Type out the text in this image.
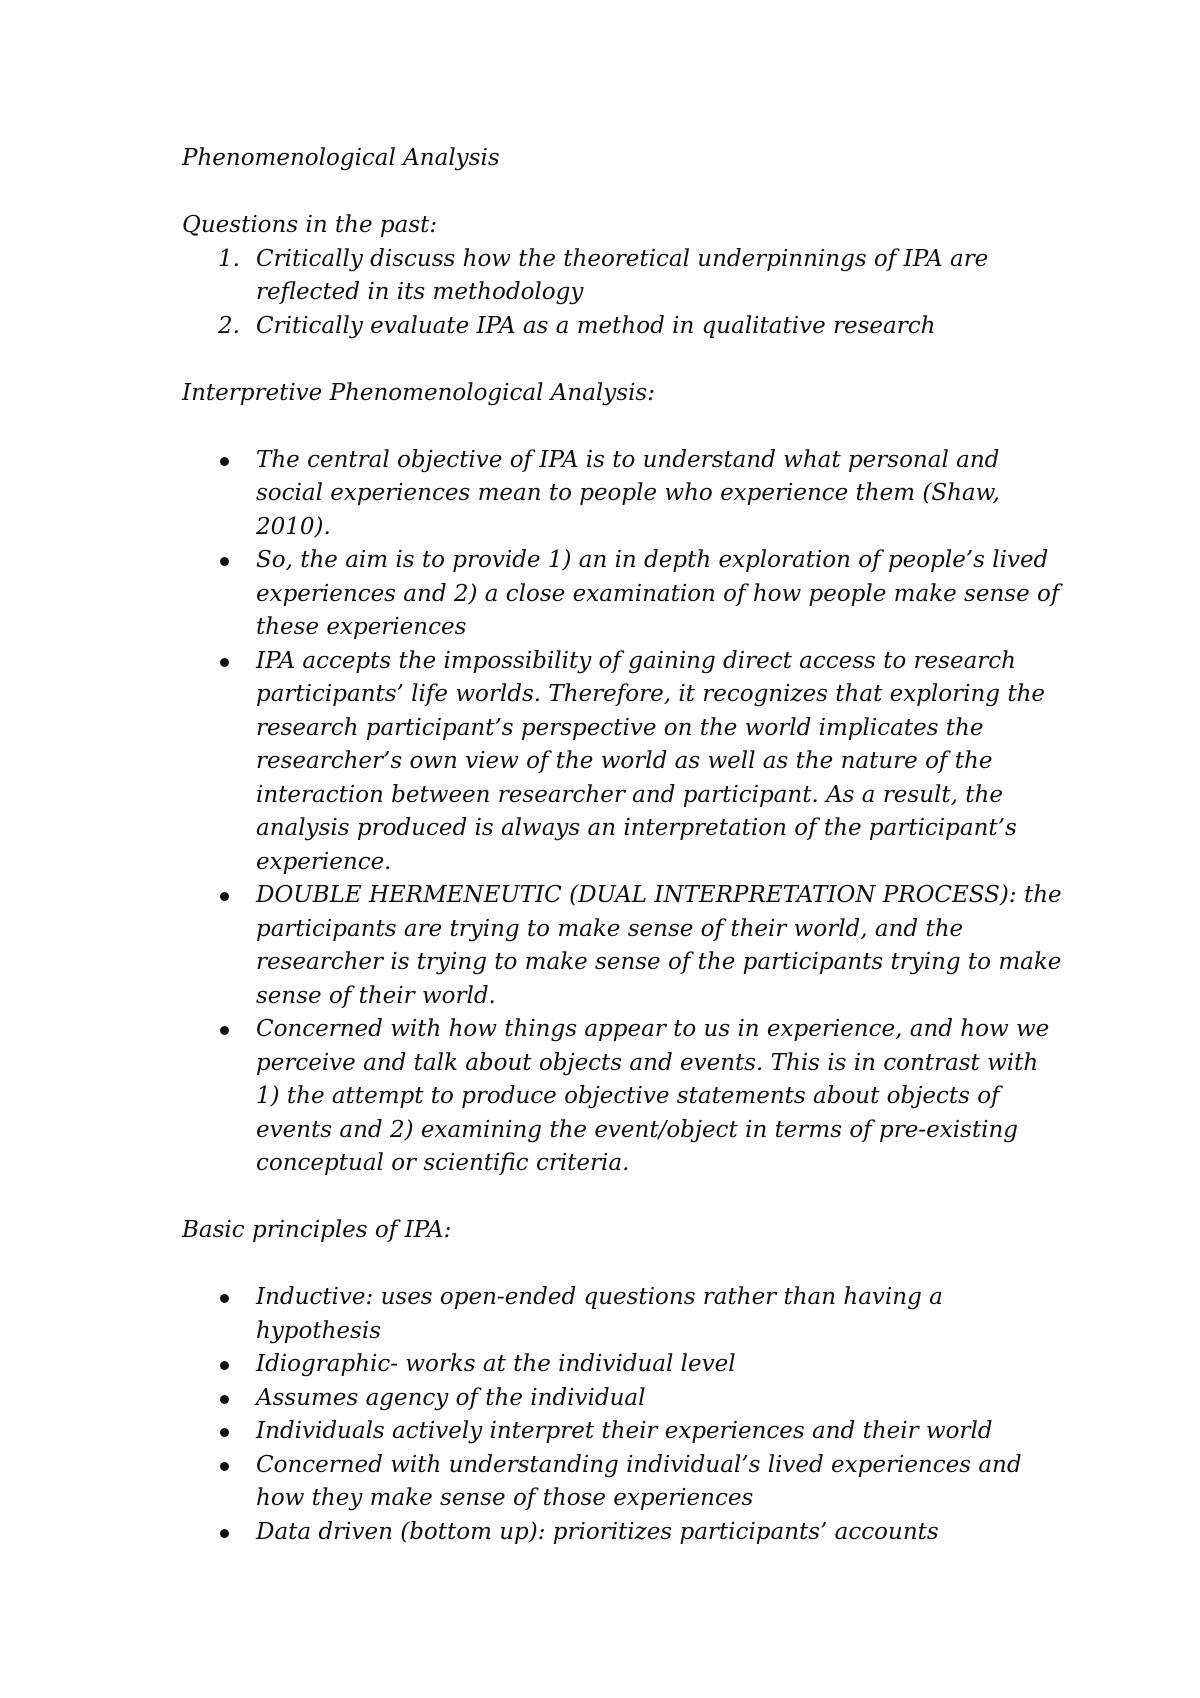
Phenomenological Analysis

Questions in the past:

1. Critically discuss how the theoretical underpinnings of IPA are reflected in its methodology
2. Critically evaluate IPA as a method in qualitative research

Interpretive Phenomenological Analysis:

The central objective of IPA is to understand what personal and social experiences mean to people who experience them (Shaw, 2010).
So, the aim is to provide 1) an in depth exploration of people’s lived experiences and 2) a close examination of how people make sense of these experiences
IPA accepts the impossibility of gaining direct access to research participants’ life worlds. Therefore, it recognizes that exploring the research participant’s perspective on the world implicates the researcher’s own view of the world as well as the nature of the interaction between researcher and participant. As a result, the analysis produced is always an interpretation of the participant’s experience.
DOUBLE HERMENEUTIC (DUAL INTERPRETATION PROCESS): the participants are trying to make sense of their world, and the researcher is trying to make sense of the participants trying to make sense of their world.
Concerned with how things appear to us in experience, and how we perceive and talk about objects and events. This is in contrast with 1) the attempt to produce objective statements about objects of events and 2) examining the event/object in terms of pre-existing conceptual or scientific criteria.

Basic principles of IPA:

Inductive: uses open-ended questions rather than having a hypothesis
Idiographic- works at the individual level
Assumes agency of the individual
Individuals actively interpret their experiences and their world
Concerned with understanding individual’s lived experiences and how they make sense of those experiences
Data driven (bottom up): prioritizes participants’ accounts
